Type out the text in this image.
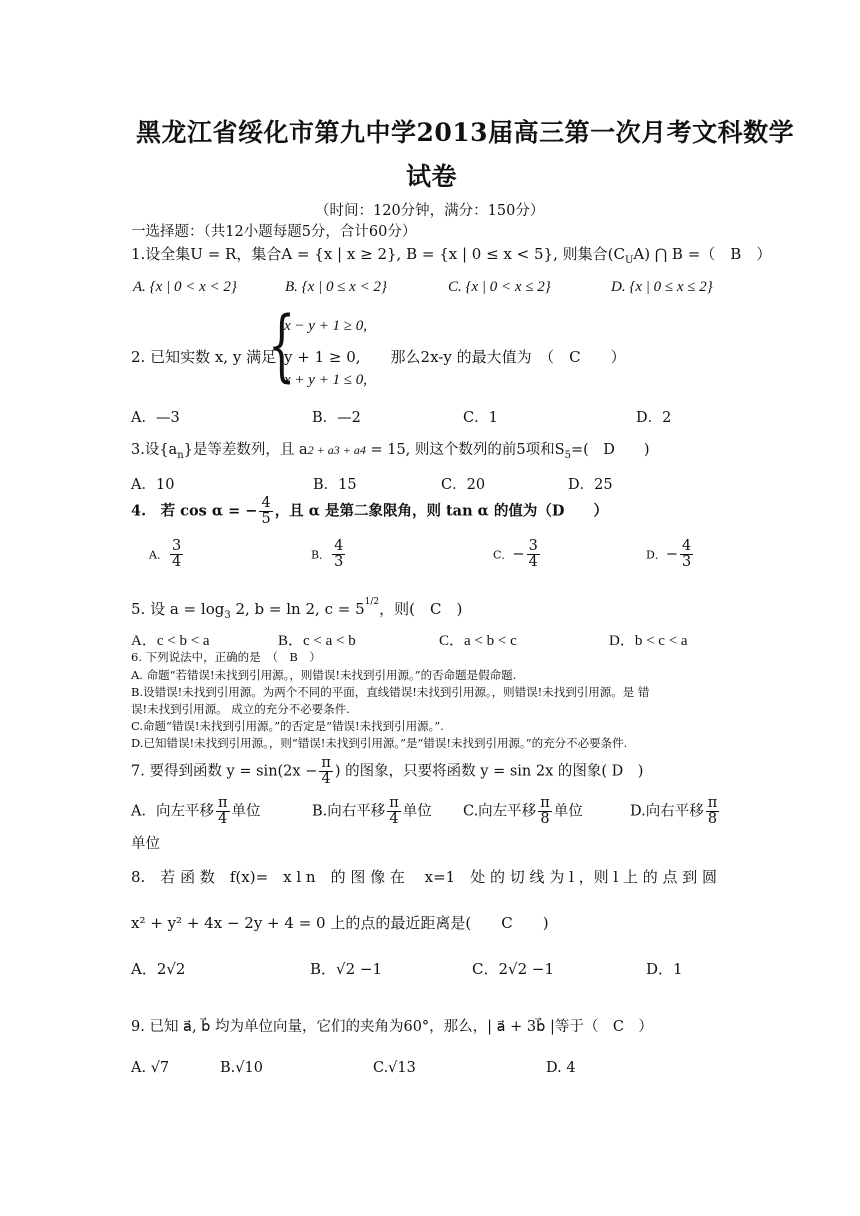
黑龙江省绥化市第九中学2013届高三第一次月考文科数学
试卷
（时间：120分钟，满分：150分）
一选择题：（共12小题每题5分，合计60分）
1.设全集U = R，集合A = {x | x ≥ 2}, B = {x | 0 ≤ x < 5}, 则集合$(C_UA)$ ⋂ B =（　B　）
A. {x | 0 < x < 2}	B. {x | 0 ≤ x < 2}	C. {x | 0 < x ≤ 2}	D. {x | 0 ≤ x ≤ 2}
2. 已知实数 x, y 满足
{
x − y + 1 ≥ 0,
y + 1 ≥ 0,　　那么2x-y 的最大值为　（　C　　）
x + y + 1 ≤ 0,
A．—3	B．—2	C．1	D．2
3.设$\{a_n\}$是等差数列，且 a2 + a3 + a4 = 15, 则这个数列的前5项和$S_5=$(　D　　)
A．10	B．15	C．20	D．25
4.　若 cos α = − $\frac{4}{5}$ ，且 α 是第二象限角，则 tan α 的值为（D　　）
A． $\frac{3}{4}$	B． $\frac{4}{3}$	C．− $\frac{3}{4}$	D．− $\frac{4}{3}$
5. 设 $a = \log_3 2$, b = ln 2, $c = 5^{1/2}$，则(　C　)
A．c < b < a	B．c < a < b	C．a < b < c	D．b < c < a
6. 下列说法中，正确的是　（　B　）
A. 命题“若错误!未找到引用源。，则错误!未找到引用源。”的否命题是假命题.
B.设错误!未找到引用源。为两个不同的平面，直线错误!未找到引用源。，则错误!未找到引用源。是 错
误!未找到引用源。 成立的充分不必要条件.
C.命题“错误!未找到引用源。”的否定是“错误!未找到引用源。”.
D.已知错误!未找到引用源。，则“错误!未找到引用源。”是“错误!未找到引用源。”的充分不必要条件.
7. 要得到函数 $y = \sin(2x - \frac{\pi}{4}$ ) 的图象，只要将函数 y = sin 2x 的图象( D　)
A．向左平移 $\frac{\pi}{4}$ 单位	B.向右平移 $\frac{\pi}{4}$ 单位 C.向左平移 $\frac{\pi}{8}$ 单位	D.向右平移 $\frac{\pi}{8}$
单位
8.　若 函 数　f(x)=　x l n　的 图 像 在　 x=1　处 的 切 线 为 l ，则 l 上 的 点 到 圆
x² + y² + 4x − 2y + 4 = 0 上的点的最近距离是(　　C　　)
A．2√2	B．√2 −1	C．2√2 −1	D．1
9. 已知 a⃗, b⃗ 均为单位向量，它们的夹角为60°，那么，| a⃗ + 3b⃗ |等于（　C　）
A. √7	B.√10	C.√13	D. 4
